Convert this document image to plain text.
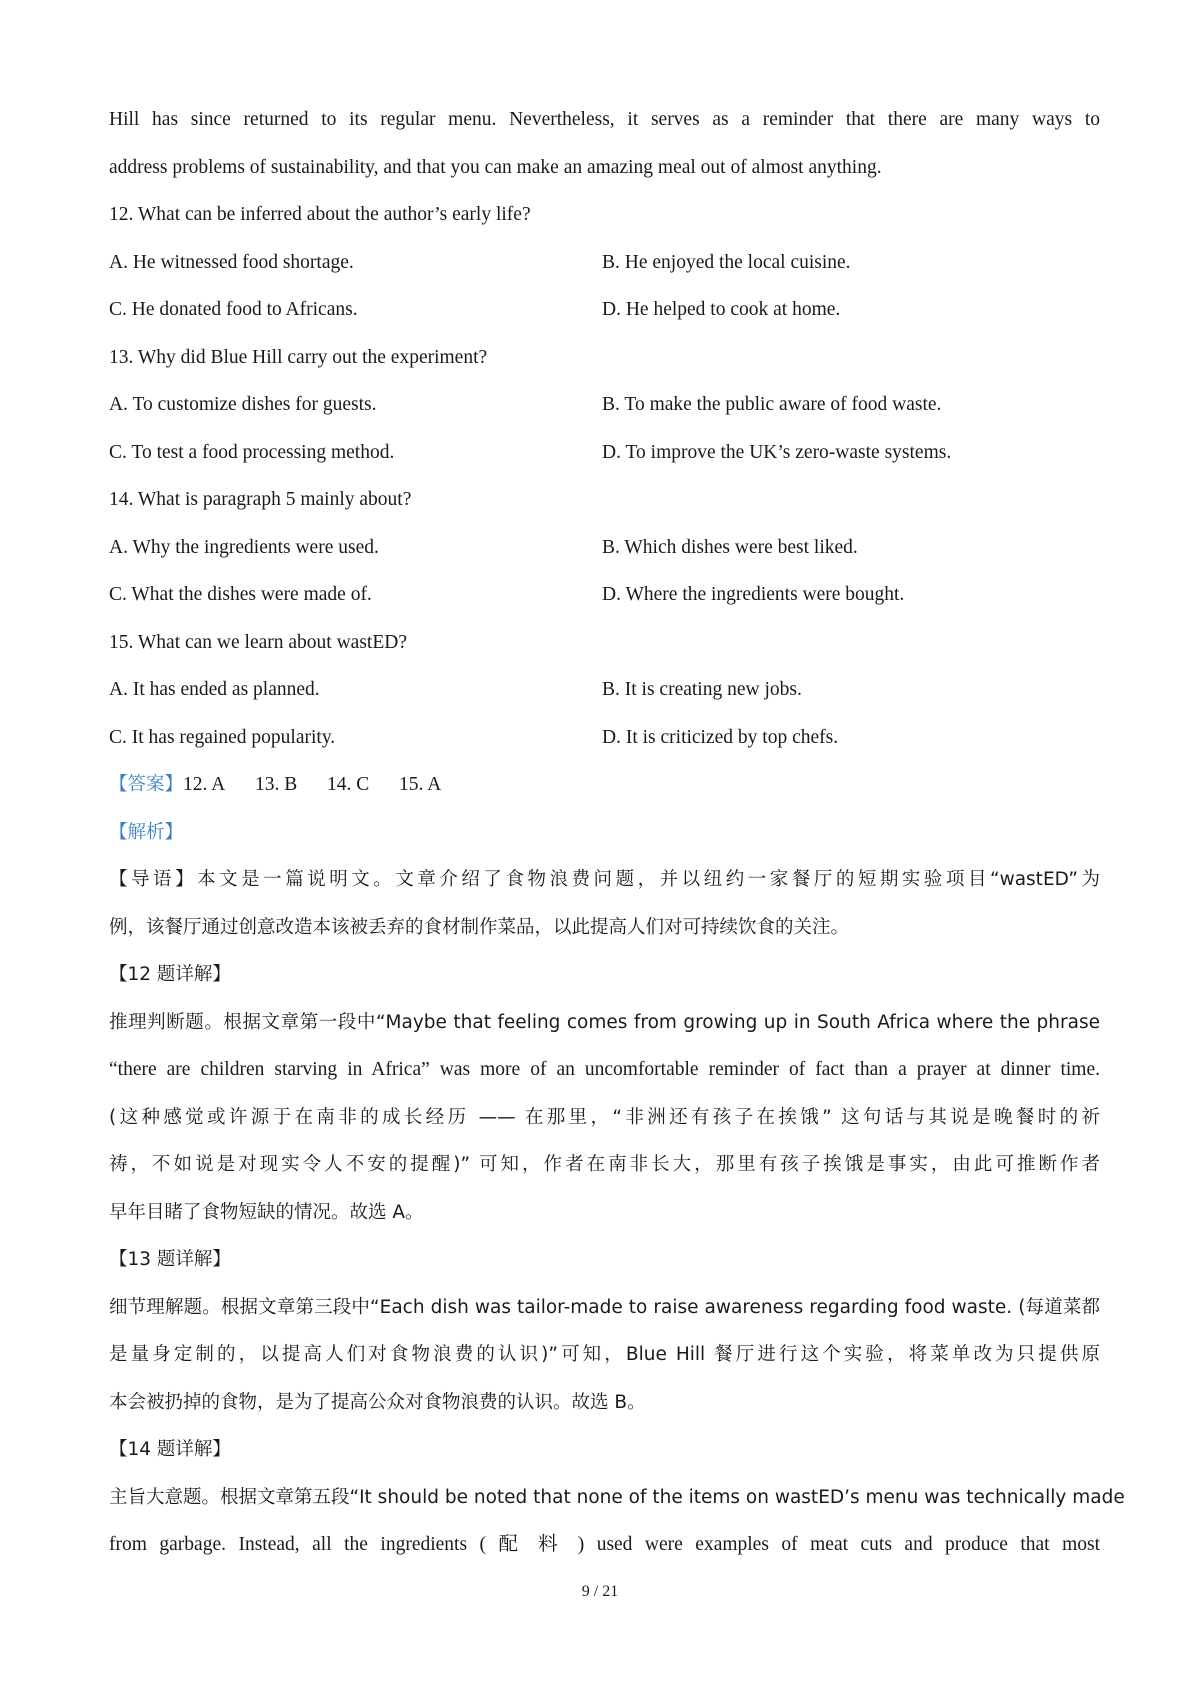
Hill has since returned to its regular menu. Nevertheless, it serves as a reminder that there are many ways to
address problems of sustainability, and that you can make an amazing meal out of almost anything.
12. What can be inferred about the author’s early life?
A. He witnessed food shortage.	B. He enjoyed the local cuisine.
C. He donated food to Africans.	D. He helped to cook at home.
13. Why did Blue Hill carry out the experiment?
A. To customize dishes for guests.	B. To make the public aware of food waste.
C. To test a food processing method.	D. To improve the UK’s zero-waste systems.
14. What is paragraph 5 mainly about?
A. Why the ingredients were used.	B. Which dishes were best liked.
C. What the dishes were made of.	D. Where the ingredients were bought.
15. What can we learn about wastED?
A. It has ended as planned.	B. It is creating new jobs.
C. It has regained popularity.	D. It is criticized by top chefs.
【答案】12. A 13. B 14. C 15. A
【解析】
【导语】本文是一篇说明文。文章介绍了食物浪费问题，并以纽约一家餐厅的短期实验项目“wastED”为
例，该餐厅通过创意改造本该被丢弃的食材制作菜品，以此提高人们对可持续饮食的关注。
【12 题详解】
推理判断题。根据文章第一段中“Maybe that feeling comes from growing up in South Africa where the phrase
“there are children starving in Africa” was more of an uncomfortable reminder of fact than a prayer at dinner time.
(这种感觉或许源于在南非的成长经历 —— 在那里，“非洲还有孩子在挨饿” 这句话与其说是晚餐时的祈
祷，不如说是对现实令人不安的提醒)” 可知，作者在南非长大，那里有孩子挨饿是事实，由此可推断作者
早年目睹了食物短缺的情况。故选 A。
【13 题详解】
细节理解题。根据文章第三段中“Each dish was tailor-made to raise awareness regarding food waste. (每道菜都
是量身定制的，以提高人们对食物浪费的认识)”可知，Blue Hill 餐厅进行这个实验，将菜单改为只提供原
本会被扔掉的食物，是为了提高公众对食物浪费的认识。故选 B。
【14 题详解】
主旨大意题。根据文章第五段“It should be noted that none of the items on wastED’s menu was technically made
from garbage. Instead, all the ingredients ( 配 料 ) used were examples of meat cuts and produce that most
9 / 21
